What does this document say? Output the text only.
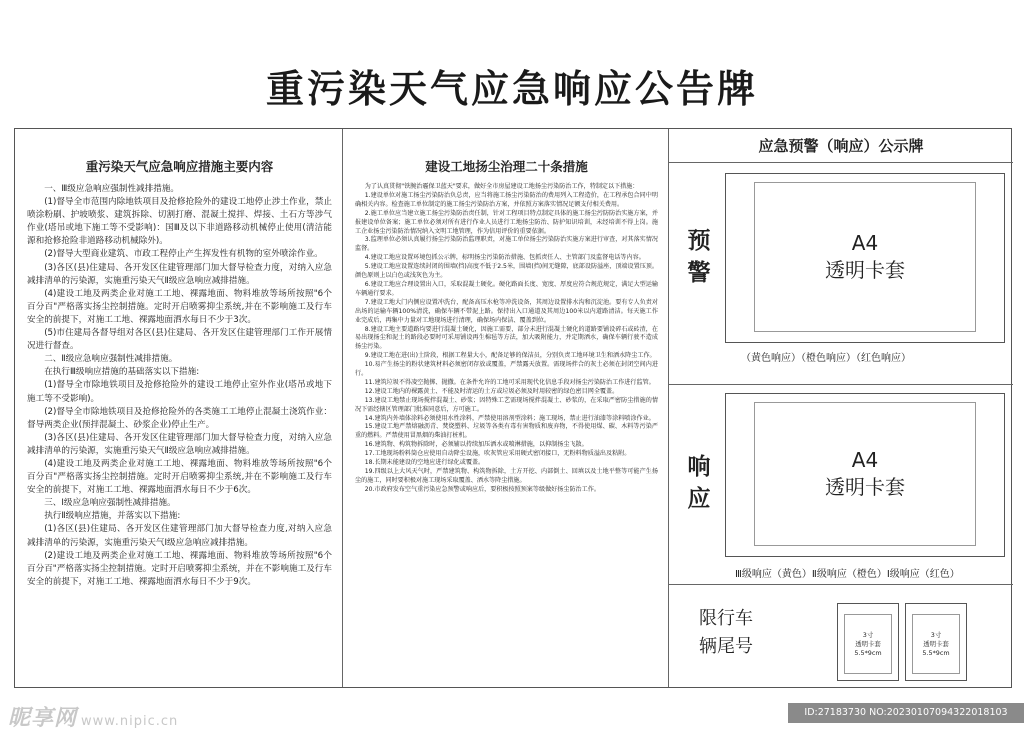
重污染天气应急响应公告牌
重污染天气应急响应措施主要内容

一、Ⅲ级应急响应强制性减排措施。

(1)督导全市范围内除地铁项目及抢修抢险外的建设工地停止涉土作业，禁止喷涂粉刷、护坡喷浆、建筑拆除、切割打磨、混凝土搅拌、焊接、土石方等涉气作业(塔吊或地下施工等不受影响)：国Ⅲ及以下非道路移动机械停止使用(清洁能源和抢修抢险非道路移动机械除外)。

(2)督导大型商业建筑、市政工程停止产生挥发性有机物的室外喷涂作业。

(3)各区(县)住建局、各开发区住建管理部门加大督导检查力度，对纳入应急减排清单的污染源，实施重污染天气Ⅱ级应急响应减排措施。

(4)建设工地及两类企业对施工工地、裸露地面、物料堆放等场所按照"6个百分百"严格落实扬尘控制措施。定时开启喷雾抑尘系统,并在不影响施工及行车安全的前提下，对施工工地、裸露地面洒水每日不少于3次。

(5)市住建局各督导组对各区(县)住建局、各开发区住建管理部门工作开展情况进行督查。

二、Ⅱ级应急响应强制性减排措施。

在执行Ⅲ级响应措施的基础落实以下措施:

(1)督导全市除地铁项目及抢修抢险外的建设工地停止室外作业(塔吊或地下施工等不受影响)。

(2)督导全市除地铁项目及抢修抢险外的各类施工工地停止混凝土浇筑作业：督导两类企业(预拌混凝土、砂浆企业)停止生产。

(3)各区(县)住建局、各开发区住建管理部门加大督导检查力度，对纳入应急减排清单的污染源，实施重污染天气Ⅱ级应急响应减排措施。

(4)建设工地及两类企业对施工工地、裸露地面、物料堆放等场所按照"6个百分百"严格落实扬尘控制措施。定时开启喷雾抑尘系统,并在不影响施工及行车安全的前提下，对施工工地、裸露地面洒水每日不少于6次。

三、Ⅰ级应急响应强制性减排措施。

执行Ⅱ级响应措施，并落实以下措施:

(1)各区(县)住建局、各开发区住建管理部门加大督导检查力度,对纳入应急减排清单的污染源，实施重污染天气Ⅰ级应急响应减排措施。

(2)建设工地及两类企业对施工工地、裸露地面、物料堆放等场所按照"6个百分百"严格落实扬尘控制措施。定时开启喷雾抑尘系统，并在不影响施工及行车安全的前提下，对施工工地、裸露地面洒水每日不少于9次。

建设工地扬尘治理二十条措施

为了认真贯彻"铁腕治霾保卫蓝天"要求，做好全市房屋建设工地扬尘污染防治工作，特制定以下措施：

1.建设单位对施工扬尘污染防治负总责，应当将施工扬尘污染防治的费用列入工程造价，在工程承包合同中明确相关内容。检查施工单位制定的施工扬尘污染防治方案，并依照方案落实情况足额支付相关费用。

2.施工单位应当建立施工扬尘污染防治责任制，针对工程项目特点制定具体的施工扬尘污防防治实施方案，并报建设单位备案；施工单位必须对所有进行作业人员进行工地扬尘防治、防护知识培训，未经培训不得上岗。施工企业扬尘污染防治情况纳入文明工地管理，作为信用评价的重要依据。

3.监理单位必须认真履行扬尘污染防治监理职责，对施工单位扬尘污染防治实施方案进行审查，对其落实情况监督。

4.建设工地应设置环境包抓公示牌，标明扬尘污染防治措施、包抓责任人、主管部门及监督电话等内容。

5.建设工地应设置连续封闭的围墙(挡)高度不低于2.5米，围墙(挡)间无缝隙，底部设防溢座，顶端设置压顶。颜色原则上以白色或浅灰色为主。

6.建设工地应合理设置出入口，采取混凝土硬化。硬化路面长度、宽度、厚度应符合规范规定，满足大型运输车辆通行要求。

7.建设工地大门内侧应设置冲洗台，配备高压水枪等冲洗设备，其周边设置排水沟和沉淀池。要有专人负责对出场的运输车辆100%清洗，确保车辆不带泥上路。保持出入口通道及其周边100米以内道路清洁。每天施工作业完成后，再集中力量对工地现场进行清理，确保场内保洁、覆盖到位。

8.建设工地主要道路均要进行混凝土硬化，因施工需要，部分未进行混凝土硬化的道路要铺设碎石或砖渣，在易出现扬尘和泥土的路段必要时可采用铺设再生棉毡等方法，加大吸附能力，并定期洒水，确保车辆行驶不造成扬尘污染。

9.建设工地在进(出)土阶段，根据工程量大小，配备足够的保洁员，分别负责工地环境卫生和洒水降尘工作。

10.易产生扬尘的粉状建筑材料必须密闭存放或覆盖，严禁露天放置。需现场拌合的灰土必须在封闭空间内进行。

11.建筑垃圾不得凌空抛掷、抛撒。在条件允许的工地可采用现代化信息手段对扬尘污染防治工作进行监管。

12.建设工地内的裸露黄土、不能及时清运的土方或垃圾必须及时用较密的绿色密目网全覆盖。

13.建设工地禁止现场搅拌混凝土、砂浆；因特殊工艺需现场搅拌混凝土、砂浆的，在采取严密防尘措施的情况下需经辖区管理部门批准同意后，方可施工。

14.建筑内外墙体涂料必须使用水性涂料，严禁使用溶剂型涂料；施工现场，禁止进行油漆等涂料喷涂作业。

15.建设工地严禁熔融沥青、焚烧塑料、垃圾等各类有毒有害物质和废弃物，不得使用煤、碳、木料等污染严重的燃料。严禁使用冒黑烟的柴油打桩机。

16.建筑物、构筑物拆除时，必须辅以持续加压洒水或喷淋措施，以抑制扬尘飞散。

17.工地现场粉料筒仓应使用自动降尘设施，吹灰管应采用硬式密闭接口，无粉料物质溢出及粘附。

18.长期未能建设的空地应进行绿化或覆盖。

19.四级以上大风天气时，严禁建筑物、构筑物拆除，土方开挖、内部倒土、回填以及土地平整等可能产生扬尘的施工，同时要积极对施工现场采取覆盖、洒水等降尘措施。

20.市政府发布空气重污染应急预警或响应后，要积极按照预案等级做好扬尘防治工作。

应急预警（响应）公示牌
预
警
A4
透明卡套
（黄色响应）（橙色响应）（红色响应）
响
应
A4
透明卡套
Ⅲ级响应（黄色）Ⅱ级响应（橙色）Ⅰ级响应（红色）
限行车
辆尾号
3寸
透明卡套
5.5*9cm
3寸
透明卡套
5.5*9cm
昵享网 www.nipic.cn
ID:27183730 NO:20230107094322018103
